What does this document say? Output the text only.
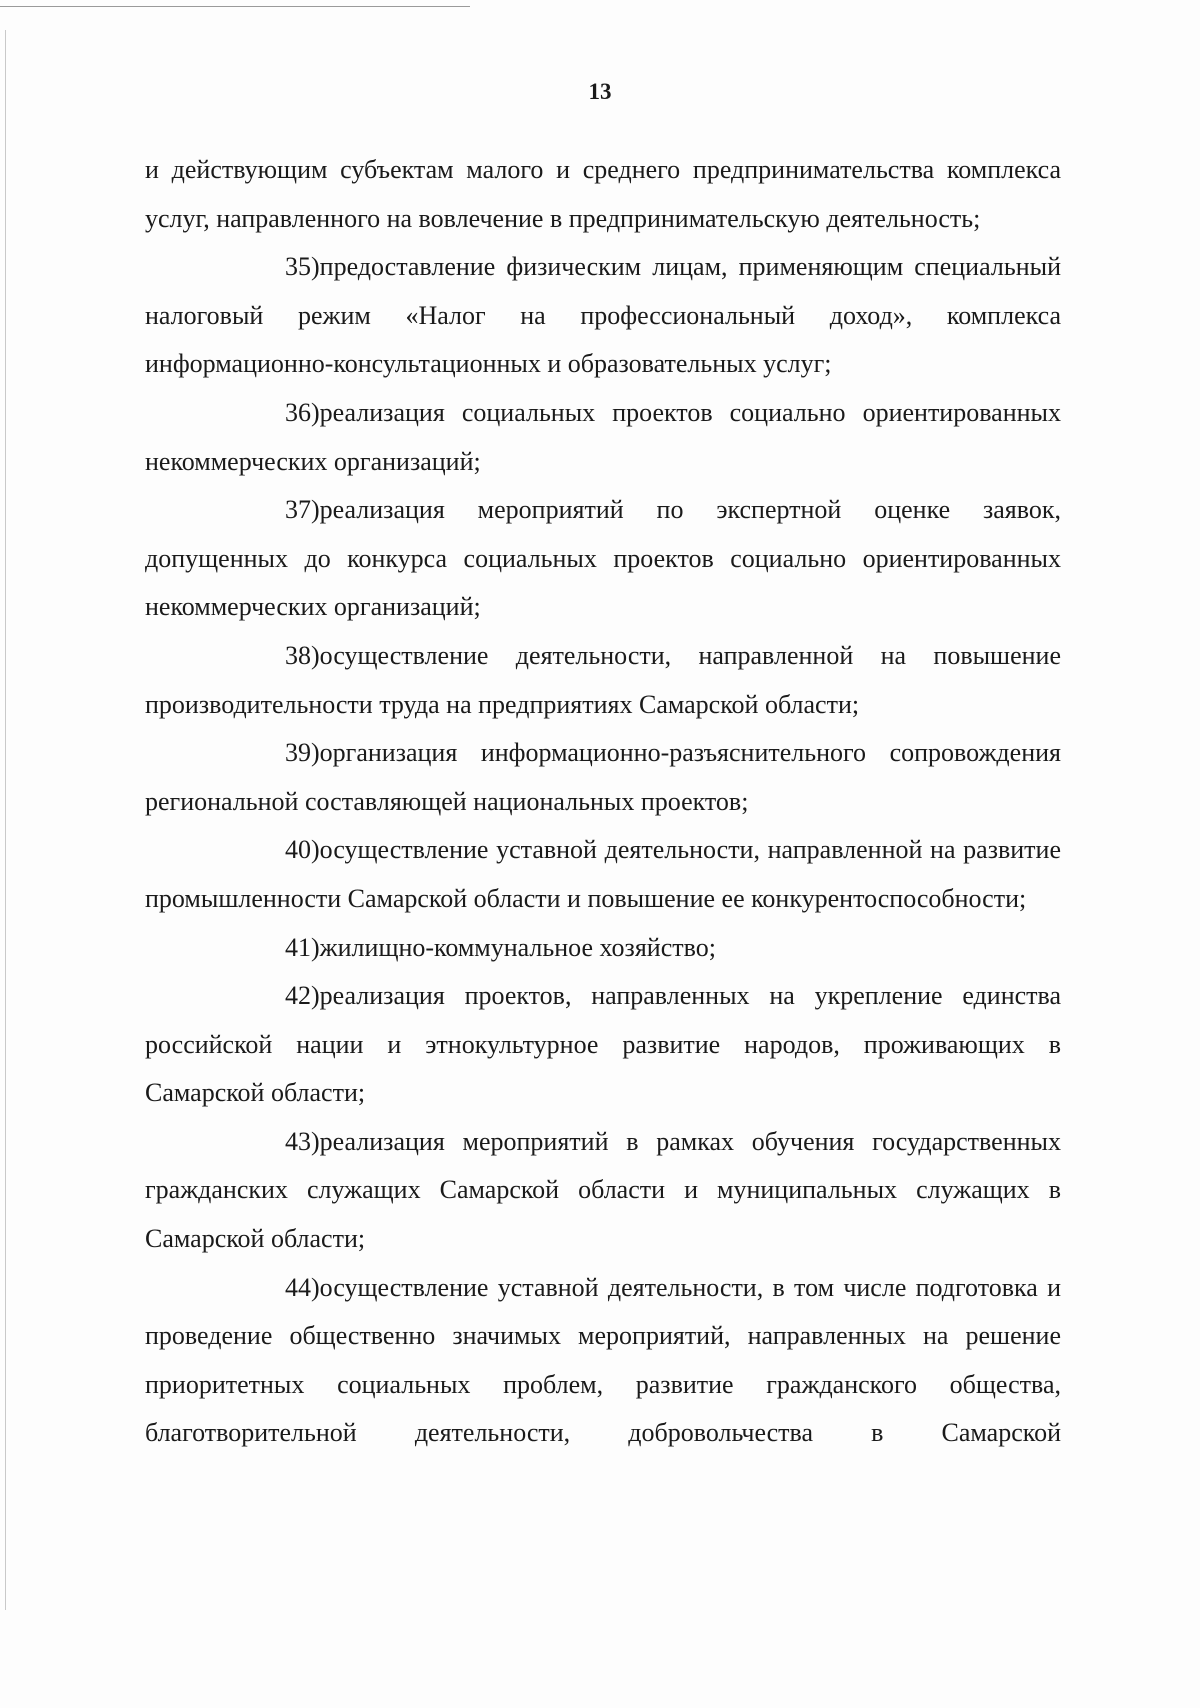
13

и действующим субъектам малого и среднего предпринимательства комплекса услуг, направленного на вовлечение в предпринимательскую деятельность;

35)предоставление физическим лицам, применяющим специальный налоговый режим «Налог на профессиональный доход», комплекса информационно-консультационных и образовательных услуг;

36)реализация социальных проектов социально ориентированных некоммерческих организаций;

37)реализация мероприятий по экспертной оценке заявок, допущенных до конкурса социальных проектов социально ориентированных некоммерческих организаций;

38)осуществление деятельности, направленной на повышение производительности труда на предприятиях Самарской области;

39)организация информационно-разъяснительного сопровождения региональной составляющей национальных проектов;

40)осуществление уставной деятельности, направленной на развитие промышленности Самарской области и повышение ее конкурентоспособности;

41)жилищно-коммунальное хозяйство;

42)реализация проектов, направленных на укрепление единства российской нации и этнокультурное развитие народов, проживающих в Самарской области;

43)реализация мероприятий в рамках обучения государственных гражданских служащих Самарской области и муниципальных служащих в Самарской области;

44)осуществление уставной деятельности, в том числе подготовка и проведение общественно значимых мероприятий, направленных на решение приоритетных социальных проблем, развитие гражданского общества, благотворительной деятельности, добровольчества в Самарской
